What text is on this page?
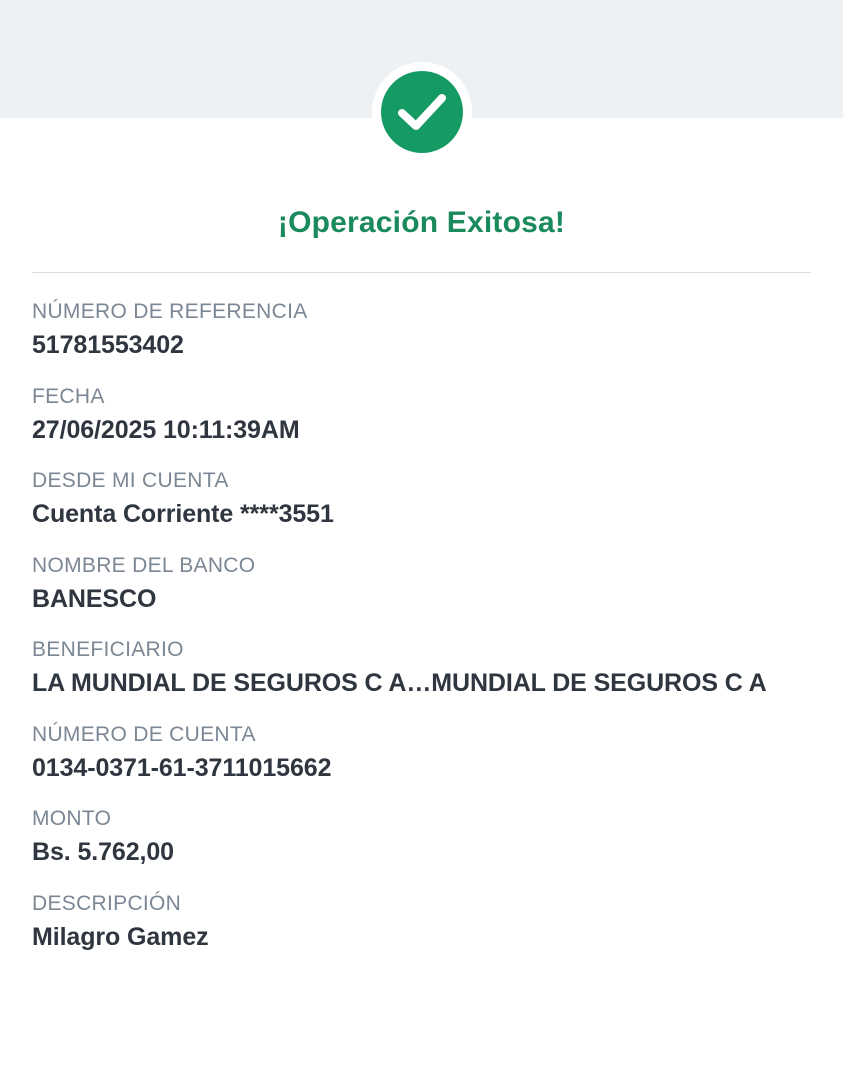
¡Operación Exitosa!
NÚMERO DE REFERENCIA
51781553402
FECHA
27/06/2025 10:11:39AM
DESDE MI CUENTA
Cuenta Corriente ****3551
NOMBRE DEL BANCO
BANESCO
BENEFICIARIO
LA MUNDIAL DE SEGUROS C A…MUNDIAL DE SEGUROS C A
NÚMERO DE CUENTA
0134-0371-61-3711015662
MONTO
Bs. 5.762,00
DESCRIPCIÓN
Milagro Gamez
